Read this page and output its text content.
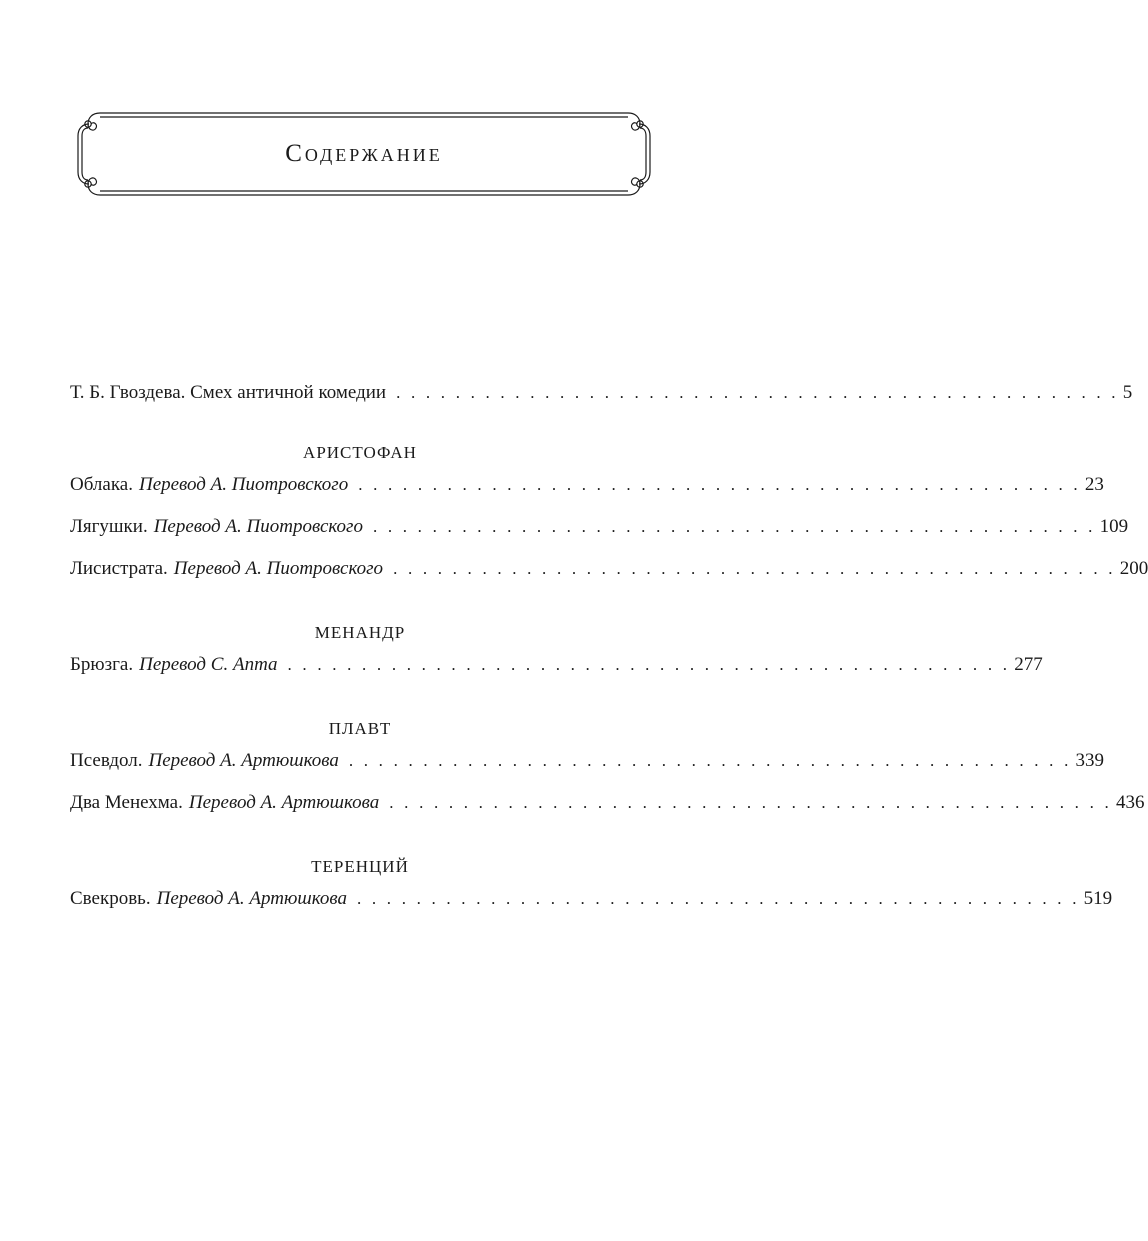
Содержание
Т. Б. Гвоздева. Смех античной комедии . . . . . . . . . . . . . . . . . . . . . . . . . . . . . . . . . . . . . . . . . . . . . . . . . 5
АРИСТОФАН
Облака. Перевод А. Пиотровского . . . . . . . . . . . . . . . . . . . . . . . . . . . . . . . . . . . . . . . . . . . . . . . . . 23
Лягушки. Перевод А. Пиотровского . . . . . . . . . . . . . . . . . . . . . . . . . . . . . . . . . . . . . . . . . . . . . . . . . 109
Лисистрата. Перевод А. Пиотровского . . . . . . . . . . . . . . . . . . . . . . . . . . . . . . . . . . . . . . . . . . . . . . . . . 200
МЕНАНДР
Брюзга. Перевод С. Апта . . . . . . . . . . . . . . . . . . . . . . . . . . . . . . . . . . . . . . . . . . . . . . . . . 277
ПЛАВТ
Псевдол. Перевод А. Артюшкова . . . . . . . . . . . . . . . . . . . . . . . . . . . . . . . . . . . . . . . . . . . . . . . . . 339
Два Менехма. Перевод А. Артюшкова . . . . . . . . . . . . . . . . . . . . . . . . . . . . . . . . . . . . . . . . . . . . . . . . . 436
ТЕРЕНЦИЙ
Свекровь. Перевод А. Артюшкова . . . . . . . . . . . . . . . . . . . . . . . . . . . . . . . . . . . . . . . . . . . . . . . . . 519
